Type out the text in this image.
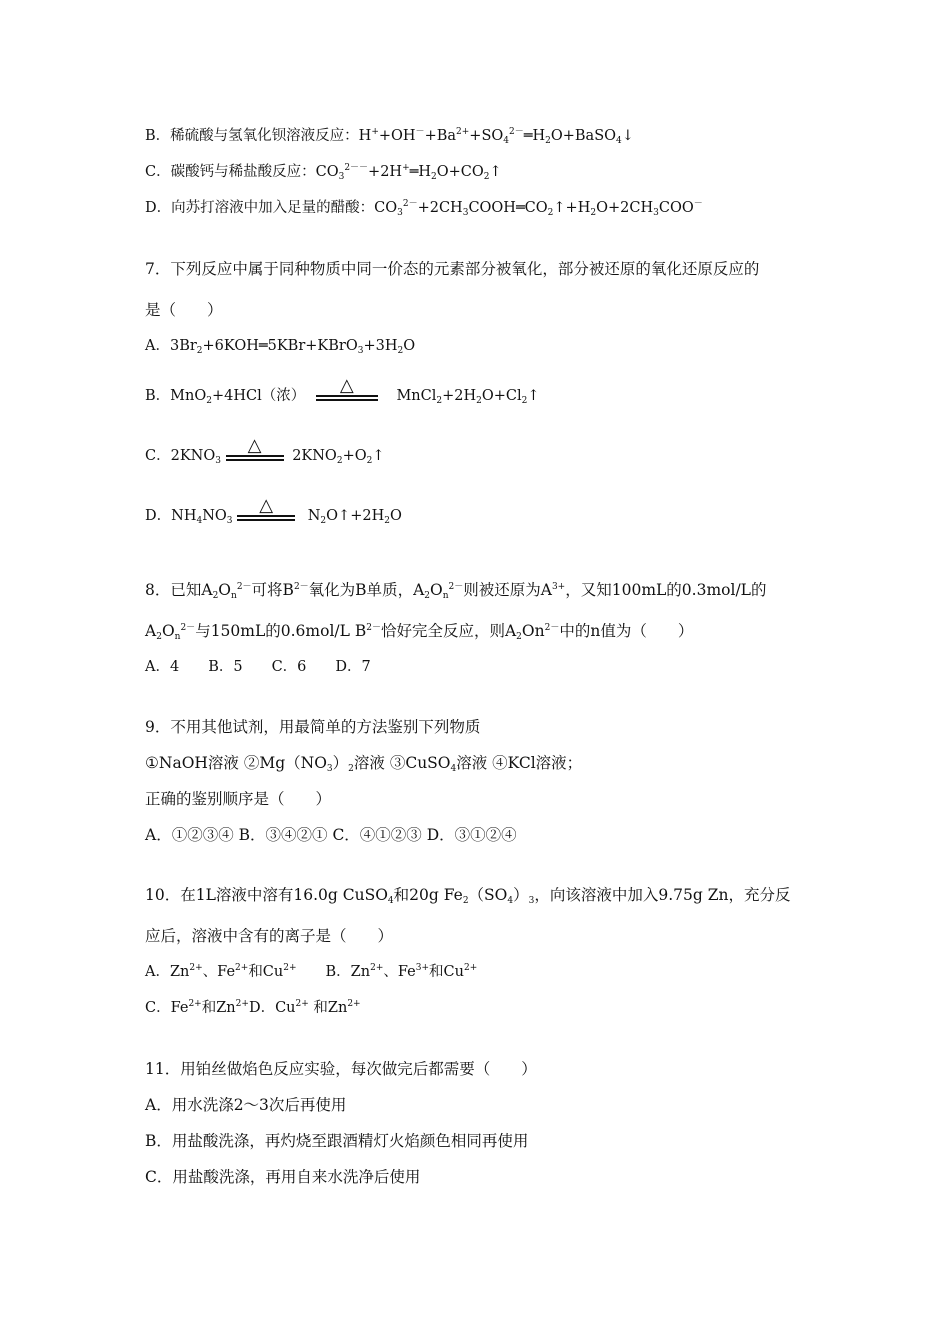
B．稀硫酸与氢氧化钡溶液反应：$H^++OH^-+Ba^{2+}+SO_4^{2-}═H_2O+BaSO_4↓$
C．碳酸钙与稀盐酸反应：$CO_3^{2--}+2H^+═H_2O+CO_2↑$
D．向苏打溶液中加入足量的醋酸：$CO_3^{2-}+2CH_3COOH═CO_2↑+H_2O+2CH_3COO^-$
7．下列反应中属于同种物质中同一价态的元素部分被氧化，部分被还原的氧化还原反应的
是（　　）
A．$3Br_2+6KOH═5KBr+KBrO_3+3H_2O$
B．MnO$_2$+4HCl（浓）	△	$MnCl_2+2H_2O+Cl_2↑$
C．$2KNO_3$
△	$2KNO_2+O_2↑$
D．$NH_4NO_3$
△	$N_2O↑+2H_2O$
8．已知$A_2O_n^{2-}$可将$B^{2-}$氧化为B单质，$A_2O_n^{2-}$则被还原为$A^{3+}$，又知100mL的0.3mol/L的
$A_2O_n^{2-}$与150mL的0.6mol/L $B^{2-}$恰好完全反应，则$A_2On^{2-}$中的n值为（　　）
A．4　　B．5　　C．6　　D．7
9．不用其他试剂，用最简单的方法鉴别下列物质
①NaOH溶液 $②Mg(NO_3)_2$溶液 ③CuSO$_4$溶液 ④KCl溶液；
正确的鉴别顺序是（　　）
A．①②③④ B．③④②① C．④①②③ D．③①②④
10．在1L溶液中溶有16.0g CuSO$_4$和20g $Fe_2(SO_4)_3$，向该溶液中加入9.75g Zn，充分反
应后，溶液中含有的离子是（　　）
A．$Zn^{2+}$、$Fe^{2+}$和$Cu^{2+}$　　B．$Zn^{2+}$、$Fe^{3+}$和$Cu^{2+}$
C．$Fe^{2+}$和$Zn^{2+}D$．$Cu^{2+}$ 和$Zn^{2+}$
11．用铂丝做焰色反应实验，每次做完后都需要（　　）
A．用水洗涤2～3次后再使用
B．用盐酸洗涤，再灼烧至跟酒精灯火焰颜色相同再使用
C．用盐酸洗涤，再用自来水洗净后使用
